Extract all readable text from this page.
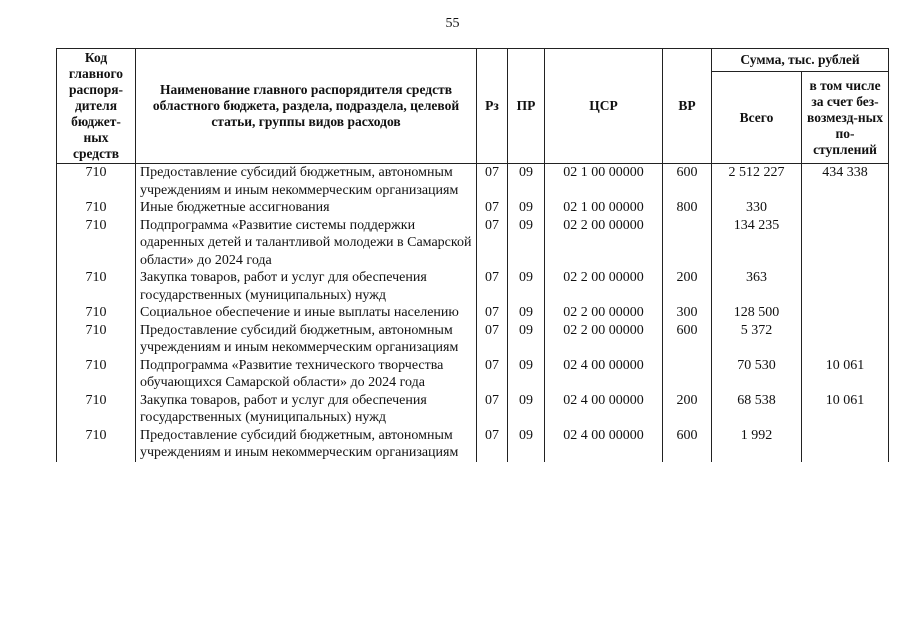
55
Код главного распоря-дителя бюджет-ных средств	Наименование главного распорядителя средств областного бюджета, раздела, подраздела, целевой статьи, группы видов расходов	Рз	ПР	ЦСР	ВР	Сумма, тыс. рублей	
						Всего	в том числе за счет без-возмезд-ных по-ступлений
710	Предоставление субсидий бюджетным, автономным учреждениям и иным некоммерческим организациям	07	09	02 1 00 00000	600	2 512 227	434 338
710	Иные бюджетные ассигнования	07	09	02 1 00 00000	800	330	
710	Подпрограмма «Развитие системы поддержки одаренных детей и талантливой молодежи в Самарской области» до 2024 года	07	09	02 2 00 00000		134 235	
710	Закупка товаров, работ и услуг для обеспечения государственных (муниципальных) нужд	07	09	02 2 00 00000	200	363	
710	Социальное обеспечение и иные выплаты населению	07	09	02 2 00 00000	300	128 500	
710	Предоставление субсидий бюджетным, автономным учреждениям и иным некоммерческим организациям	07	09	02 2 00 00000	600	5 372	
710	Подпрограмма «Развитие технического творчества обучающихся Самарской области» до 2024 года	07	09	02 4 00 00000		70 530	10 061
710	Закупка товаров, работ и услуг для обеспечения государственных (муниципальных) нужд	07	09	02 4 00 00000	200	68 538	10 061
710	Предоставление субсидий бюджетным, автономным учреждениям и иным некоммерческим организациям	07	09	02 4 00 00000	600	1 992	
